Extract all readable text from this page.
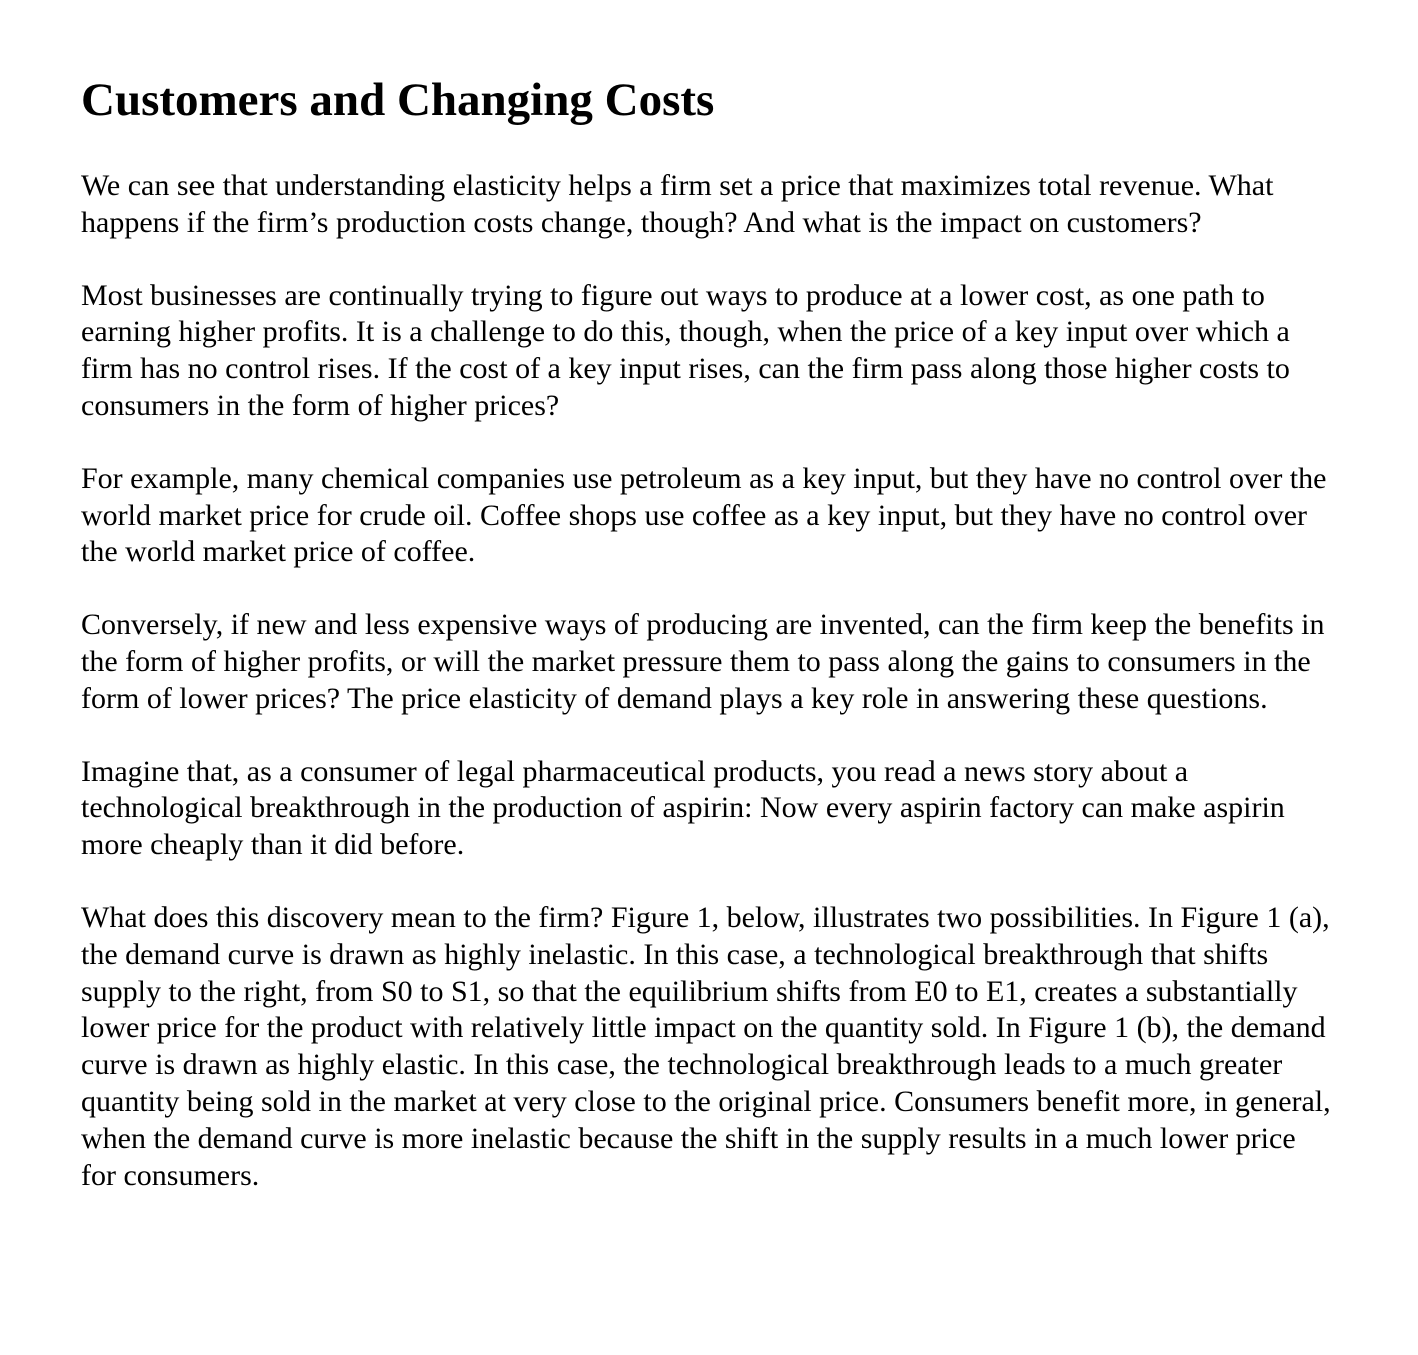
Customers and Changing Costs

We can see that understanding elasticity helps a firm set a price that maximizes total revenue. What happens if the firm’s production costs change, though? And what is the impact on customers?

Most businesses are continually trying to figure out ways to produce at a lower cost, as one path to earning higher profits. It is a challenge to do this, though, when the price of a key input over which a firm has no control rises. If the cost of a key input rises, can the firm pass along those higher costs to consumers in the form of higher prices?

For example, many chemical companies use petroleum as a key input, but they have no control over the world market price for crude oil. Coffee shops use coffee as a key input, but they have no control over the world market price of coffee.

Conversely, if new and less expensive ways of producing are invented, can the firm keep the benefits in the form of higher profits, or will the market pressure them to pass along the gains to consumers in the form of lower prices? The price elasticity of demand plays a key role in answering these questions.

Imagine that, as a consumer of legal pharmaceutical products, you read a news story about a technological breakthrough in the production of aspirin: Now every aspirin factory can make aspirin more cheaply than it did before.

What does this discovery mean to the firm? Figure 1, below, illustrates two possibilities. In Figure 1 (a), the demand curve is drawn as highly inelastic. In this case, a technological breakthrough that shifts supply to the right, from S0 to S1, so that the equilibrium shifts from E0 to E1, creates a substantially lower price for the product with relatively little impact on the quantity sold. In Figure 1 (b), the demand curve is drawn as highly elastic. In this case, the technological breakthrough leads to a much greater quantity being sold in the market at very close to the original price. Consumers benefit more, in general, when the demand curve is more inelastic because the shift in the supply results in a much lower price for consumers.
